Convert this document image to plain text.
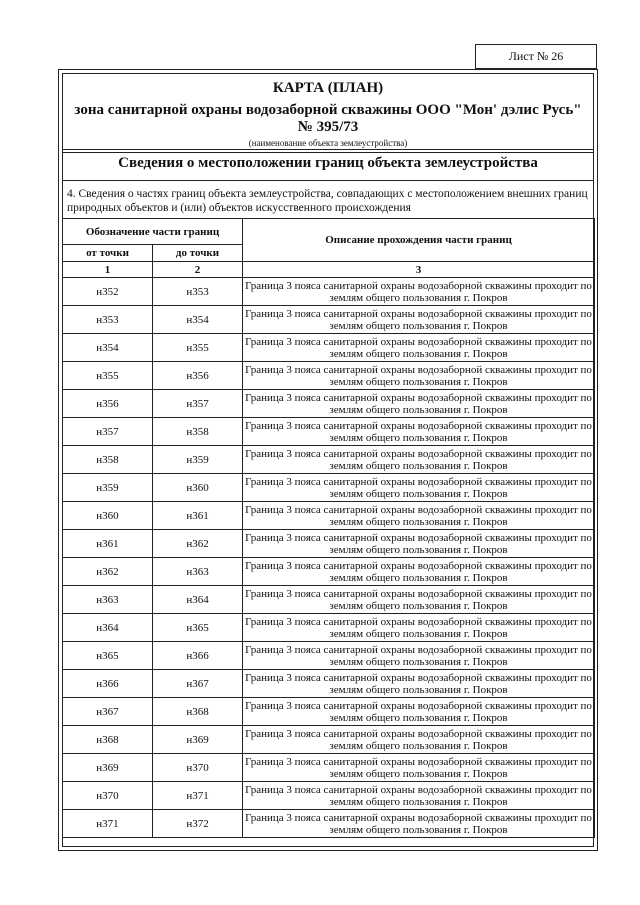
Лист № 26
КАРТА (ПЛАН)
зона санитарной охраны водозаборной скважины ООО "Мон' дэлис Русь" № 395/73
(наименование объекта землеустройства)
Сведения о местоположении границ объекта землеустройства
4. Сведения о частях границ объекта землеустройства, совпадающих с местоположением внешних границ природных объектов и (или) объектов искусственного происхождения
Обозначение части границ		Описание прохождения части границ
от точки	до точки	
1	2	3
н352	н353	Граница 3 пояса санитарной охраны водозаборной скважины проходит по землям общего пользования г. Покров
н353	н354	Граница 3 пояса санитарной охраны водозаборной скважины проходит по землям общего пользования г. Покров
н354	н355	Граница 3 пояса санитарной охраны водозаборной скважины проходит по землям общего пользования г. Покров
н355	н356	Граница 3 пояса санитарной охраны водозаборной скважины проходит по землям общего пользования г. Покров
н356	н357	Граница 3 пояса санитарной охраны водозаборной скважины проходит по землям общего пользования г. Покров
н357	н358	Граница 3 пояса санитарной охраны водозаборной скважины проходит по землям общего пользования г. Покров
н358	н359	Граница 3 пояса санитарной охраны водозаборной скважины проходит по землям общего пользования г. Покров
н359	н360	Граница 3 пояса санитарной охраны водозаборной скважины проходит по землям общего пользования г. Покров
н360	н361	Граница 3 пояса санитарной охраны водозаборной скважины проходит по землям общего пользования г. Покров
н361	н362	Граница 3 пояса санитарной охраны водозаборной скважины проходит по землям общего пользования г. Покров
н362	н363	Граница 3 пояса санитарной охраны водозаборной скважины проходит по землям общего пользования г. Покров
н363	н364	Граница 3 пояса санитарной охраны водозаборной скважины проходит по землям общего пользования г. Покров
н364	н365	Граница 3 пояса санитарной охраны водозаборной скважины проходит по землям общего пользования г. Покров
н365	н366	Граница 3 пояса санитарной охраны водозаборной скважины проходит по землям общего пользования г. Покров
н366	н367	Граница 3 пояса санитарной охраны водозаборной скважины проходит по землям общего пользования г. Покров
н367	н368	Граница 3 пояса санитарной охраны водозаборной скважины проходит по землям общего пользования г. Покров
н368	н369	Граница 3 пояса санитарной охраны водозаборной скважины проходит по землям общего пользования г. Покров
н369	н370	Граница 3 пояса санитарной охраны водозаборной скважины проходит по землям общего пользования г. Покров
н370	н371	Граница 3 пояса санитарной охраны водозаборной скважины проходит по землям общего пользования г. Покров
н371	н372	Граница 3 пояса санитарной охраны водозаборной скважины проходит по землям общего пользования г. Покров
